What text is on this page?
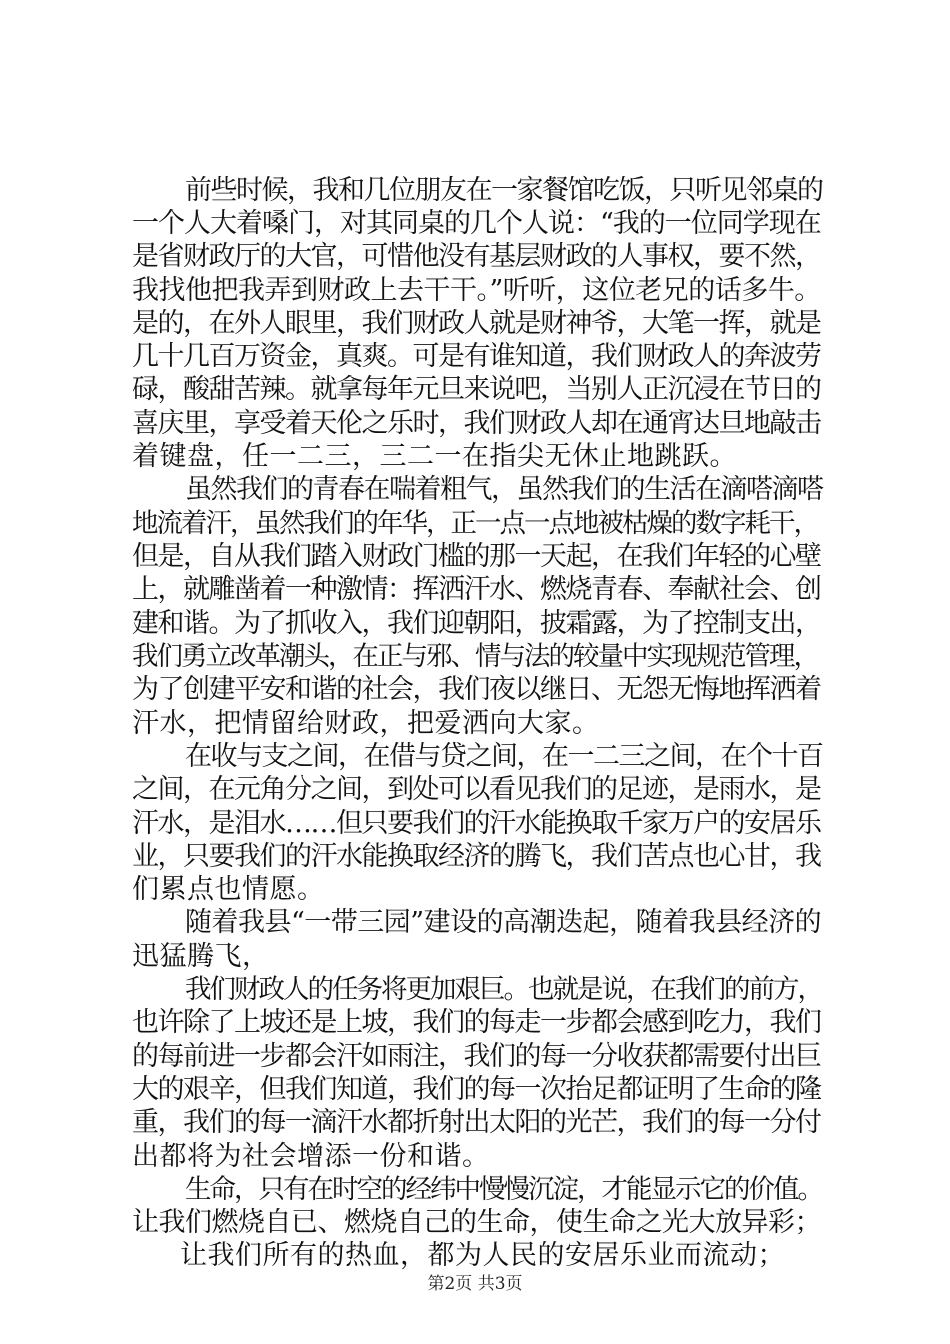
前些时候，我和几位朋友在一家餐馆吃饭，只听见邻桌的
一个人大着嗓门，对其同桌的几个人说：“我的一位同学现在
是省财政厅的大官，可惜他没有基层财政的人事权，要不然，
我找他把我弄到财政上去干干。”听听，这位老兄的话多牛。
是的，在外人眼里，我们财政人就是财神爷，大笔一挥，就是
几十几百万资金，真爽。可是有谁知道，我们财政人的奔波劳
碌，酸甜苦辣。就拿每年元旦来说吧，当别人正沉浸在节日的
喜庆里，享受着天伦之乐时，我们财政人却在通宵达旦地敲击
着键盘，任一二三，三二一在指尖无休止地跳跃。
虽然我们的青春在喘着粗气，虽然我们的生活在滴嗒滴嗒
地流着汗，虽然我们的年华，正一点一点地被枯燥的数字耗干，
但是，自从我们踏入财政门槛的那一天起，在我们年轻的心壁
上，就雕凿着一种激情：挥洒汗水、燃烧青春、奉献社会、创
建和谐。为了抓收入，我们迎朝阳，披霜露，为了控制支出，
我们勇立改革潮头，在正与邪、情与法的较量中实现规范管理，
为了创建平安和谐的社会，我们夜以继日、无怨无悔地挥洒着
汗水，把情留给财政，把爱洒向大家。
在收与支之间，在借与贷之间，在一二三之间，在个十百
之间，在元角分之间，到处可以看见我们的足迹，是雨水，是
汗水，是泪水……但只要我们的汗水能换取千家万户的安居乐
业，只要我们的汗水能换取经济的腾飞，我们苦点也心甘，我
们累点也情愿。
随着我县“一带三园”建设的高潮迭起，随着我县经济的
迅猛腾飞，
我们财政人的任务将更加艰巨。也就是说，在我们的前方，
也许除了上坡还是上坡，我们的每走一步都会感到吃力，我们
的每前进一步都会汗如雨注，我们的每一分收获都需要付出巨
大的艰辛，但我们知道，我们的每一次抬足都证明了生命的隆
重，我们的每一滴汗水都折射出太阳的光芒，我们的每一分付
出都将为社会增添一份和谐。
生命，只有在时空的经纬中慢慢沉淀，才能显示它的价值。
让我们燃烧自已、燃烧自己的生命，使生命之光大放异彩；
让我们所有的热血，都为人民的安居乐业而流动；
第2页 共3页
